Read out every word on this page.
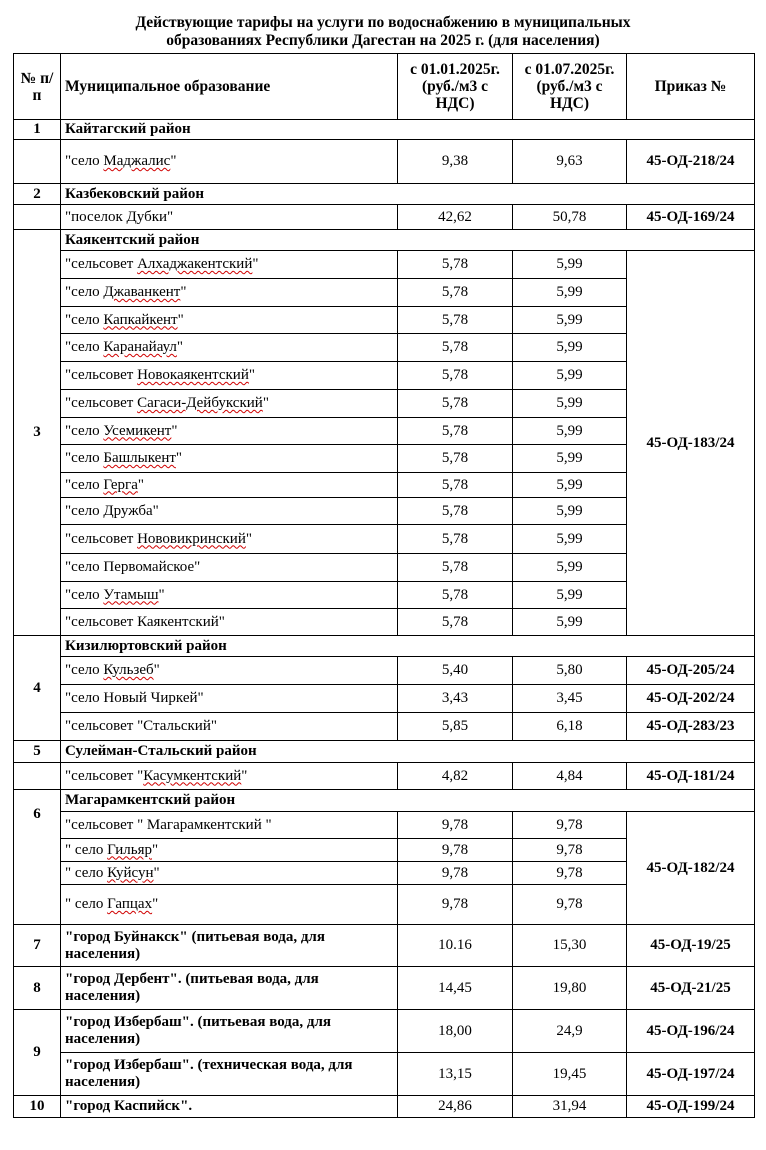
Действующие тарифы на услуги по водоснабжению в муниципальных
образованиях Республики Дагестан на 2025 г. (для населения)
№ п/п	Муниципальное образование	с 01.01.2025г. (руб./м3 с НДС)	с 01.07.2025г. (руб./м3 с НДС)	Приказ №
1	Кайтагский район			
	"село Маджалис"	9,38	9,63	45-ОД-218/24
2	Казбековский район			
	"поселок Дубки"	42,62	50,78	45-ОД-169/24
3	Каякентский район			
	"сельсовет Алхаджакентский"	5,78	5,99	45-ОД-183/24
	"село Джаванкент"	5,78	5,99	
	"село Капкайкент"	5,78	5,99	
	"село Каранайаул"	5,78	5,99	
	"сельсовет Новокаякентский"	5,78	5,99	
	"сельсовет Сагаси-Дейбукский"	5,78	5,99	
	"село Усемикент"	5,78	5,99	
	"село Башлыкент"	5,78	5,99	
	"село Герга"	5,78	5,99	
	"село Дружба"	5,78	5,99	
	"сельсовет Нововикринский"	5,78	5,99	
	"село Первомайское"	5,78	5,99	
	"село Утамыш"	5,78	5,99	
	"сельсовет Каякентский"	5,78	5,99	
4	Кизилюртовский район			
	"село Кульзеб"	5,40	5,80	45-ОД-205/24
	"село Новый Чиркей"	3,43	3,45	45-ОД-202/24
	"сельсовет "Стальский"	5,85	6,18	45-ОД-283/23
5	Сулейман-Стальский район			
	"сельсовет "Касумкентский"	4,82	4,84	45-ОД-181/24
6	Магарамкентский район			
	"сельсовет " Магарамкентский "	9,78	9,78	45-ОД-182/24
	" село Гильяр"	9,78	9,78	
	" село Куйсун"	9,78	9,78	
	" село Гапцах"	9,78	9,78	
7	"город Буйнакск" (питьевая вода, для населения)	10.16	15,30	45-ОД-19/25
8	"город Дербент". (питьевая вода, для населения)	14,45	19,80	45-ОД-21/25
9	"город Избербаш". (питьевая вода, для населения)	18,00	24,9	45-ОД-196/24
	"город Избербаш". (техническая вода, для населения)	13,15	19,45	45-ОД-197/24
10	"город Каспийск".	24,86	31,94	45-ОД-199/24
